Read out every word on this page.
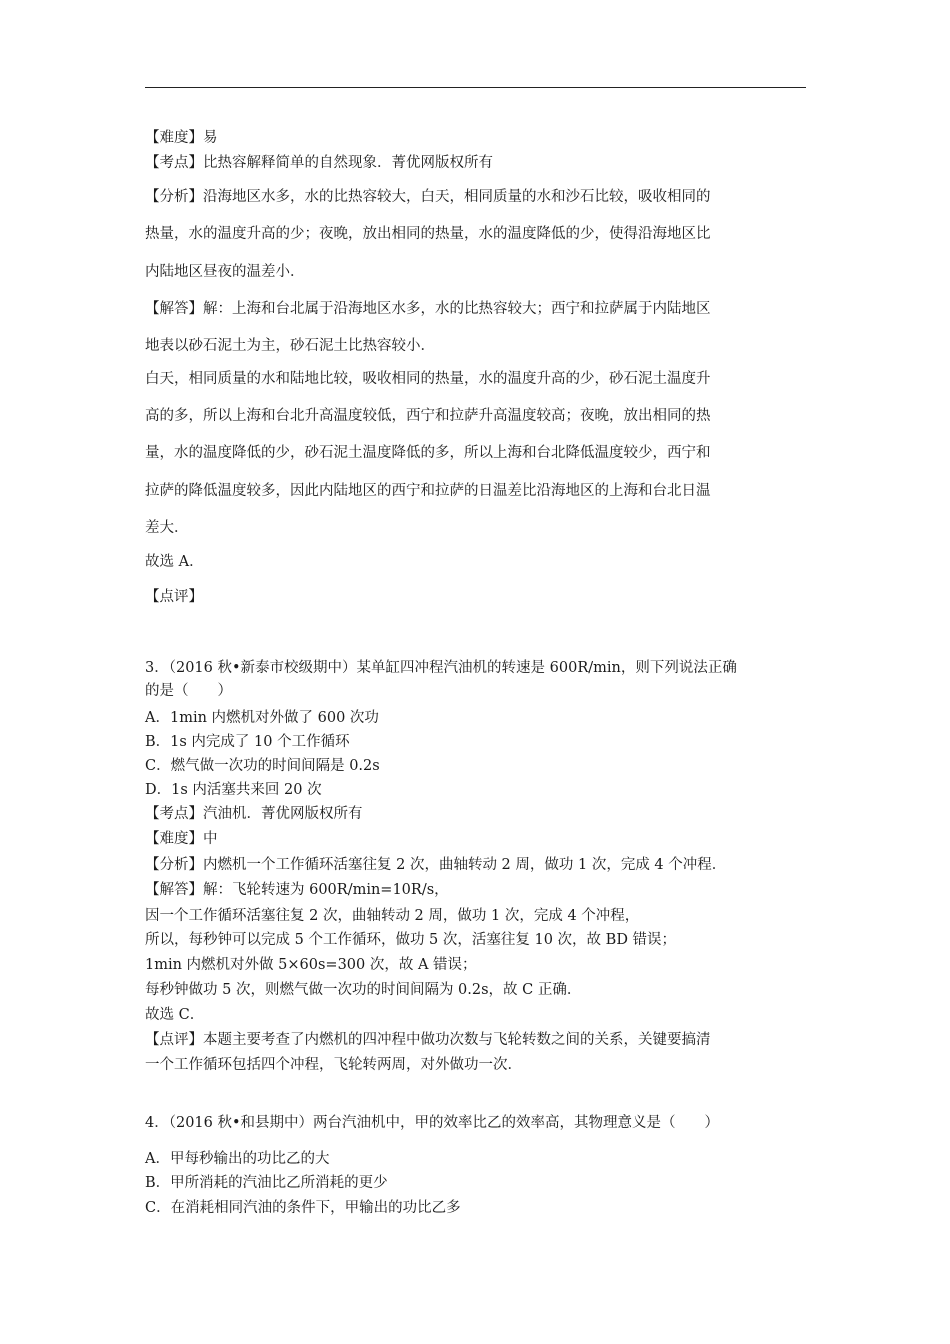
【难度】易
【考点】比热容解释简单的自然现象．菁优网版权所有
【分析】沿海地区水多，水的比热容较大，白天，相同质量的水和沙石比较，吸收相同的
热量，水的温度升高的少；夜晚，放出相同的热量，水的温度降低的少，使得沿海地区比
内陆地区昼夜的温差小．
【解答】解：上海和台北属于沿海地区水多，水的比热容较大；西宁和拉萨属于内陆地区
地表以砂石泥土为主，砂石泥土比热容较小．
白天，相同质量的水和陆地比较，吸收相同的热量，水的温度升高的少，砂石泥土温度升
高的多，所以上海和台北升高温度较低，西宁和拉萨升高温度较高；夜晚，放出相同的热
量，水的温度降低的少，砂石泥土温度降低的多，所以上海和台北降低温度较少，西宁和
拉萨的降低温度较多，因此内陆地区的西宁和拉萨的日温差比沿海地区的上海和台北日温
差大．
故选 A．
【点评】
3．（2016 秋•新泰市校级期中）某单缸四冲程汽油机的转速是 600R/min，则下列说法正确
的是（　　）
A．1min 内燃机对外做了 600 次功
B．1s 内完成了 10 个工作循环
C．燃气做一次功的时间间隔是 0.2s
D．1s 内活塞共来回 20 次
【考点】汽油机．菁优网版权所有
【难度】中
【分析】内燃机一个工作循环活塞往复 2 次，曲轴转动 2 周，做功 1 次，完成 4 个冲程．
【解答】解：飞轮转速为 600R/min=10R/s，
因一个工作循环活塞往复 2 次，曲轴转动 2 周，做功 1 次，完成 4 个冲程，
所以，每秒钟可以完成 5 个工作循环，做功 5 次，活塞往复 10 次，故 BD 错误；
1min 内燃机对外做 5×60s=300 次，故 A 错误；
每秒钟做功 5 次，则燃气做一次功的时间间隔为 0.2s，故 C 正确．
故选 C．
【点评】本题主要考查了内燃机的四冲程中做功次数与飞轮转数之间的关系，关键要搞清
一个工作循环包括四个冲程，飞轮转两周，对外做功一次．
4．（2016 秋•和县期中）两台汽油机中，甲的效率比乙的效率高，其物理意义是（　　）
A．甲每秒输出的功比乙的大
B．甲所消耗的汽油比乙所消耗的更少
C．在消耗相同汽油的条件下，甲输出的功比乙多
